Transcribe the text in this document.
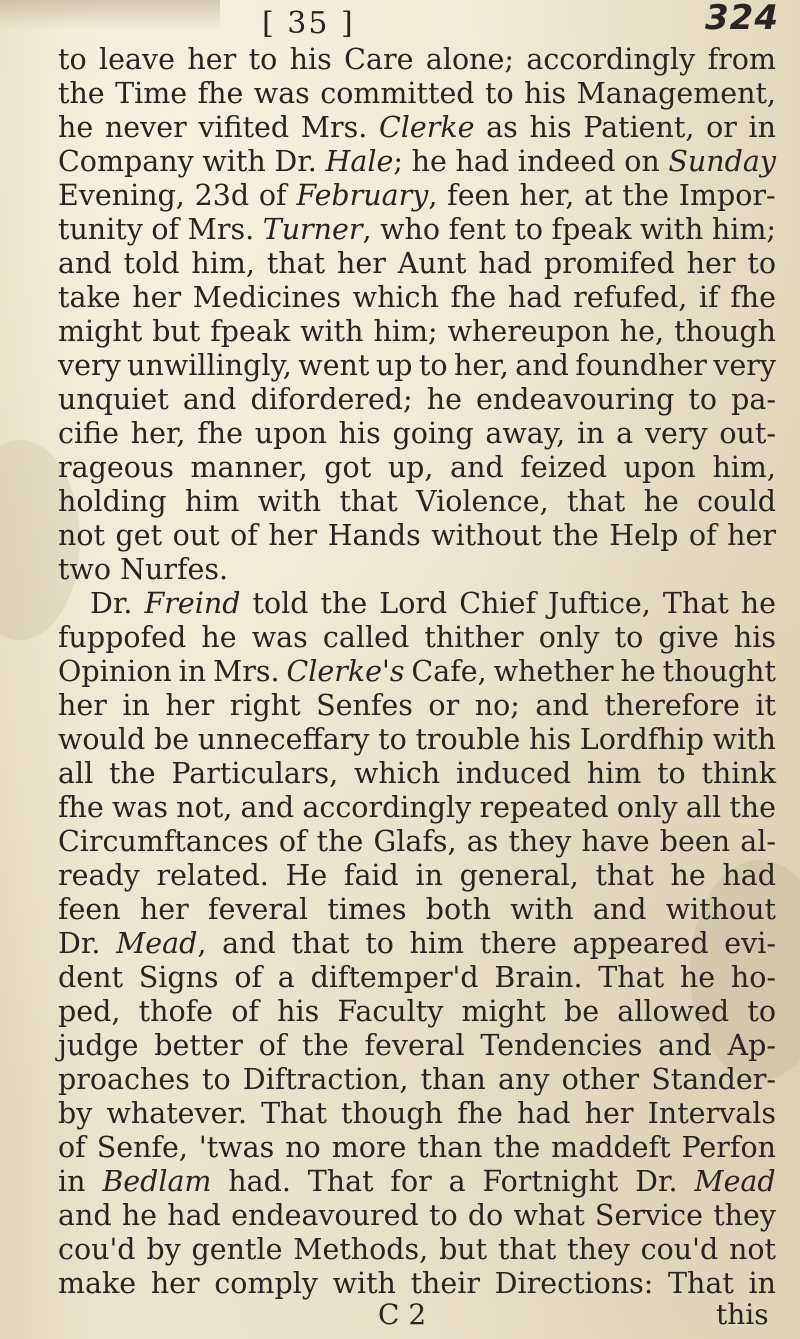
[ 35 ]	324
to leave her to his Care alone; accordingly from
the Time fhe was committed to his Management,
he never vifited Mrs. Clerke as his Patient, or in
Company with Dr. Hale; he had indeed on Sunday
Evening, 23d of February, feen her, at the Impor-
tunity of Mrs. Turner, who fent to fpeak with him;
and told him, that her Aunt had promifed her to
take her Medicines which fhe had refufed, if fhe
might but fpeak with him; whereupon he, though
very unwillingly, went up to her, and foundher very
unquiet and difordered; he endeavouring to pa-
cifie her, fhe upon his going away, in a very out-
rageous manner, got up, and feized upon him,
holding him with that Violence, that he could
not get out of her Hands without the Help of her
two Nurfes.
Dr. Freind told the Lord Chief Juftice, That he
fuppofed he was called thither only to give his
Opinion in Mrs. Clerke's Cafe, whether he thought
her in her right Senfes or no; and therefore it
would be unneceffary to trouble his Lordfhip with
all the Particulars, which induced him to think
fhe was not, and accordingly repeated only all the
Circumftances of the Glafs, as they have been al-
ready related. He faid in general, that he had
feen her feveral times both with and without
Dr. Mead, and that to him there appeared evi-
dent Signs of a diftemper'd Brain. That he ho-
ped, thofe of his Faculty might be allowed to
judge better of the feveral Tendencies and Ap-
proaches to Diftraction, than any other Stander-
by whatever. That though fhe had her Intervals
of Senfe, 'twas no more than the maddeft Perfon
in Bedlam had. That for a Fortnight Dr. Mead
and he had endeavoured to do what Service they
cou'd by gentle Methods, but that they cou'd not
make her comply with their Directions: That in
C 2	this
